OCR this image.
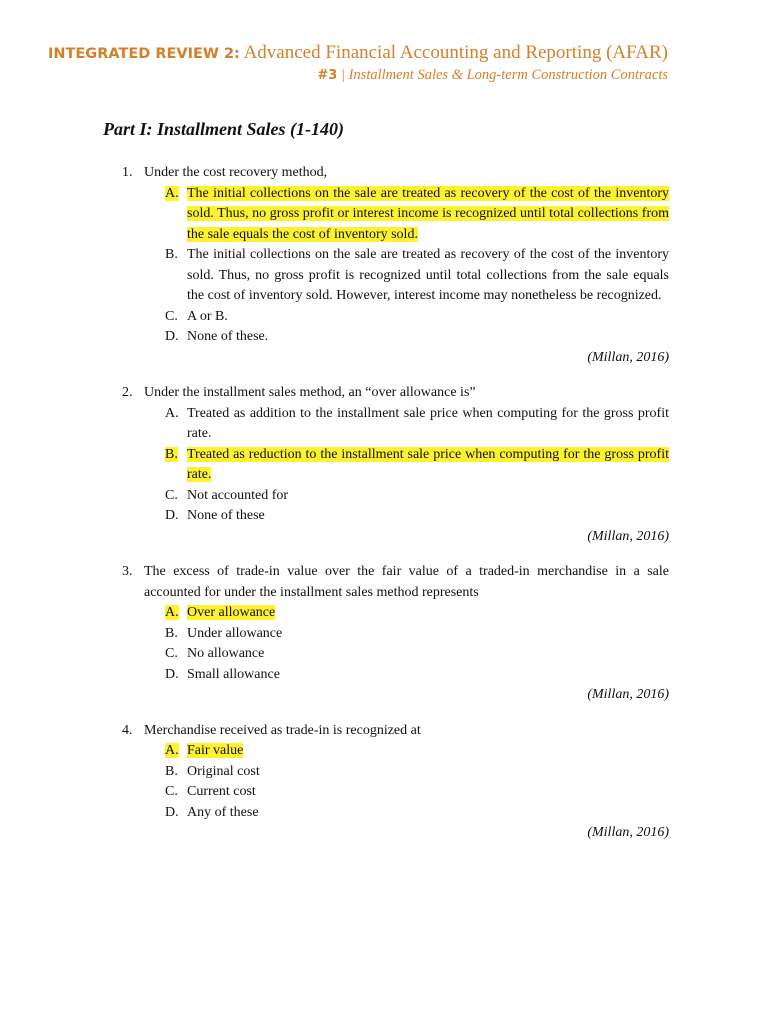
INTEGRATED REVIEW 2: Advanced Financial Accounting and Reporting (AFAR)
#3 | Installment Sales & Long-term Construction Contracts
Part I: Installment Sales (1-140)
1. Under the cost recovery method,
A. The initial collections on the sale are treated as recovery of the cost of the inventory sold. Thus, no gross profit or interest income is recognized until total collections from the sale equals the cost of inventory sold.
B. The initial collections on the sale are treated as recovery of the cost of the inventory sold. Thus, no gross profit is recognized until total collections from the sale equals the cost of inventory sold. However, interest income may nonetheless be recognized.
C. A or B.
D. None of these.
(Millan, 2016)
2. Under the installment sales method, an “over allowance is”
A. Treated as addition to the installment sale price when computing for the gross profit rate.
B. Treated as reduction to the installment sale price when computing for the gross profit rate.
C. Not accounted for
D. None of these
(Millan, 2016)
3. The excess of trade-in value over the fair value of a traded-in merchandise in a sale accounted for under the installment sales method represents
A. Over allowance
B. Under allowance
C. No allowance
D. Small allowance
(Millan, 2016)
4. Merchandise received as trade-in is recognized at
A. Fair value
B. Original cost
C. Current cost
D. Any of these
(Millan, 2016)
